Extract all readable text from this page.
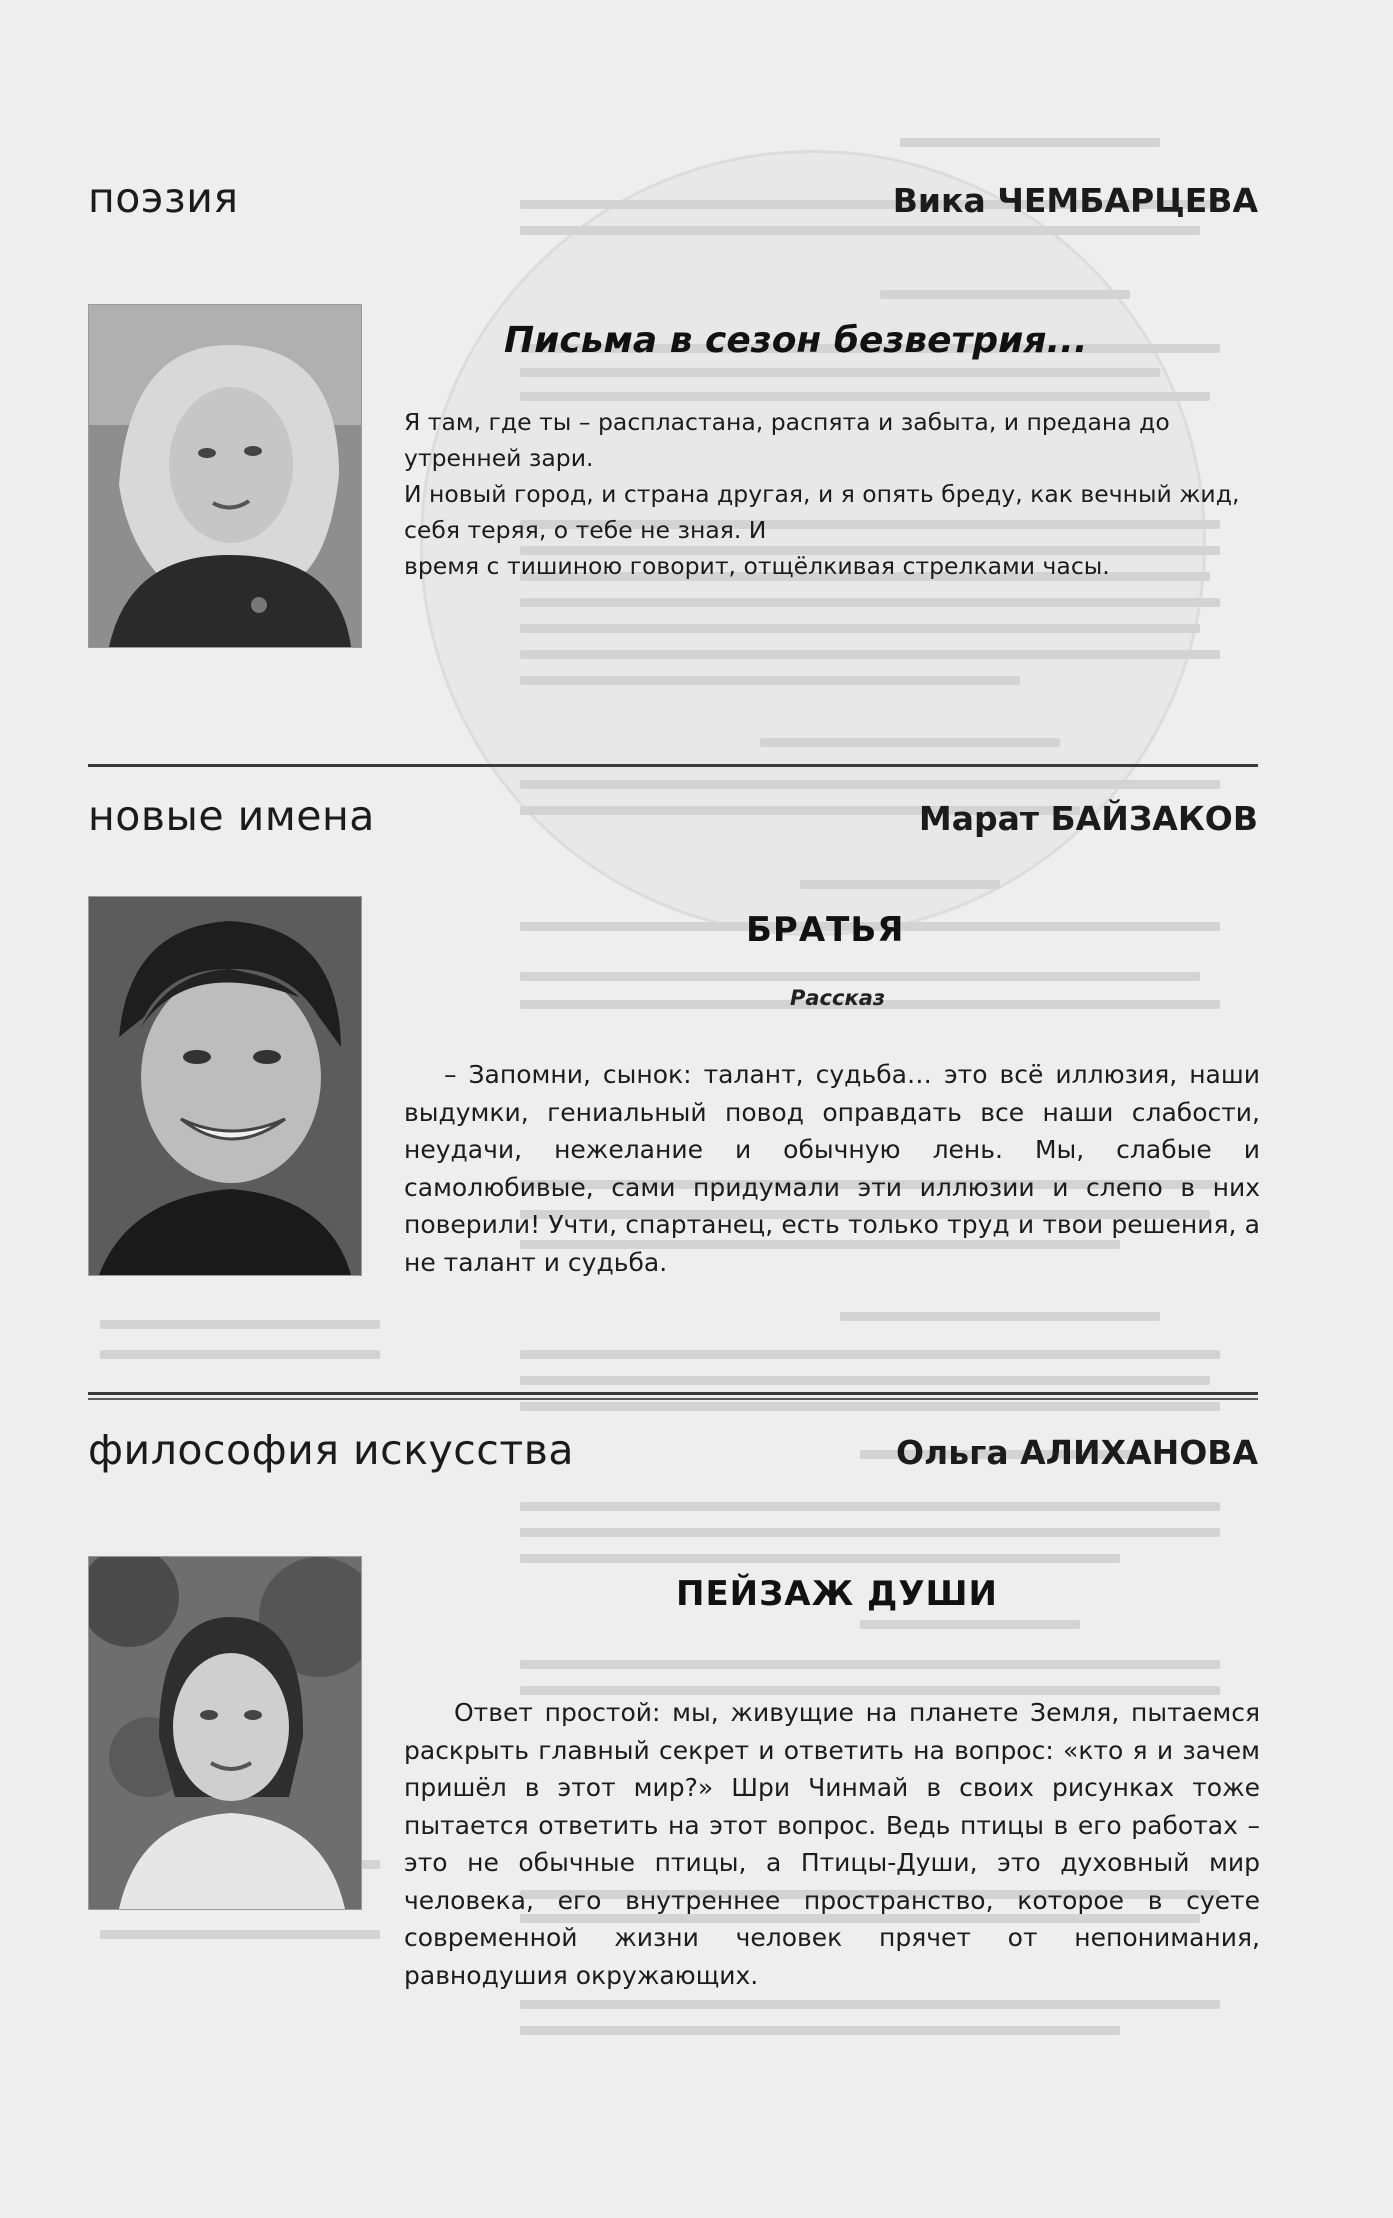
поэзия	Вика ЧЕМБАРЦЕВА
Письма в сезон безветрия...

Я там, где ты – распластана, распята и забыта, и предана до утренней зари.
И новый город, и страна другая, и я опять бреду, как вечный жид, себя теряя, о тебе не зная. И
время с тишиною говорит, отщёлкивая стрелками часы.

новые имена	Марат БАЙЗАКОВ
БРАТЬЯ
Рассказ

– Запомни, сынок: талант, судьба… это всё иллюзия, наши выдумки, гениальный повод оправдать все наши слабости, неудачи, нежелание и обычную лень. Мы, слабые и самолюбивые, сами придумали эти иллюзии и слепо в них поверили! Учти, спартанец, есть только труд и твои решения, а не талант и судьба.

философия искусства	Ольга АЛИХАНОВА
ПЕЙЗАЖ ДУШИ

Ответ простой: мы, живущие на планете Земля, пытаемся раскрыть главный секрет и ответить на вопрос: «кто я и зачем пришёл в этот мир?» Шри Чинмай в своих рисунках тоже пытается ответить на этот вопрос. Ведь птицы в его работах – это не обычные птицы, а Птицы-Души, это духовный мир человека, его внутреннее пространство, которое в суете современной жизни человек прячет от непонимания, равнодушия окружающих.
